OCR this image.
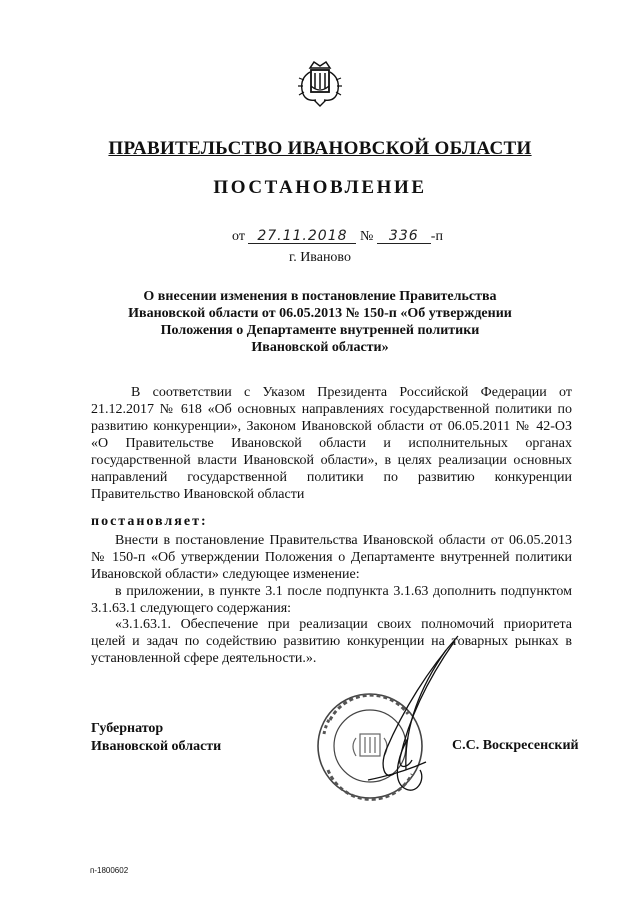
ПРАВИТЕЛЬСТВО ИВАНОВСКОЙ ОБЛАСТИ
ПОСТАНОВЛЕНИЕ
от 27.11.2018 № 336 -п
г. Иваново
О внесении изменения в постановление Правительства
Ивановской области от 06.05.2013 № 150-п «Об утверждении
Положения о Департаменте внутренней политики
Ивановской области»
В соответствии с Указом Президента Российской Федерации от 21.12.2017 № 618 «Об основных направлениях государственной политики по развитию конкуренции», Законом Ивановской области от 06.05.2011 № 42-ОЗ «О Правительстве Ивановской области и исполнительных органах государственной власти Ивановской области», в целях реализации основных направлений государственной политики по развитию конкуренции Правительство Ивановской области
постановляет:
Внести в постановление Правительства Ивановской области от 06.05.2013 № 150-п «Об утверждении Положения о Департаменте внутренней политики Ивановской области» следующее изменение:
в приложении, в пункте 3.1 после подпункта 3.1.63 дополнить подпунктом 3.1.63.1 следующего содержания:
«3.1.63.1. Обеспечение при реализации своих полномочий приоритета целей и задач по содействию развитию конкуренции на товарных рынках в установленной сфере деятельности.».
Губернатор
Ивановской области	С.С. Воскресенский
п-1800602
